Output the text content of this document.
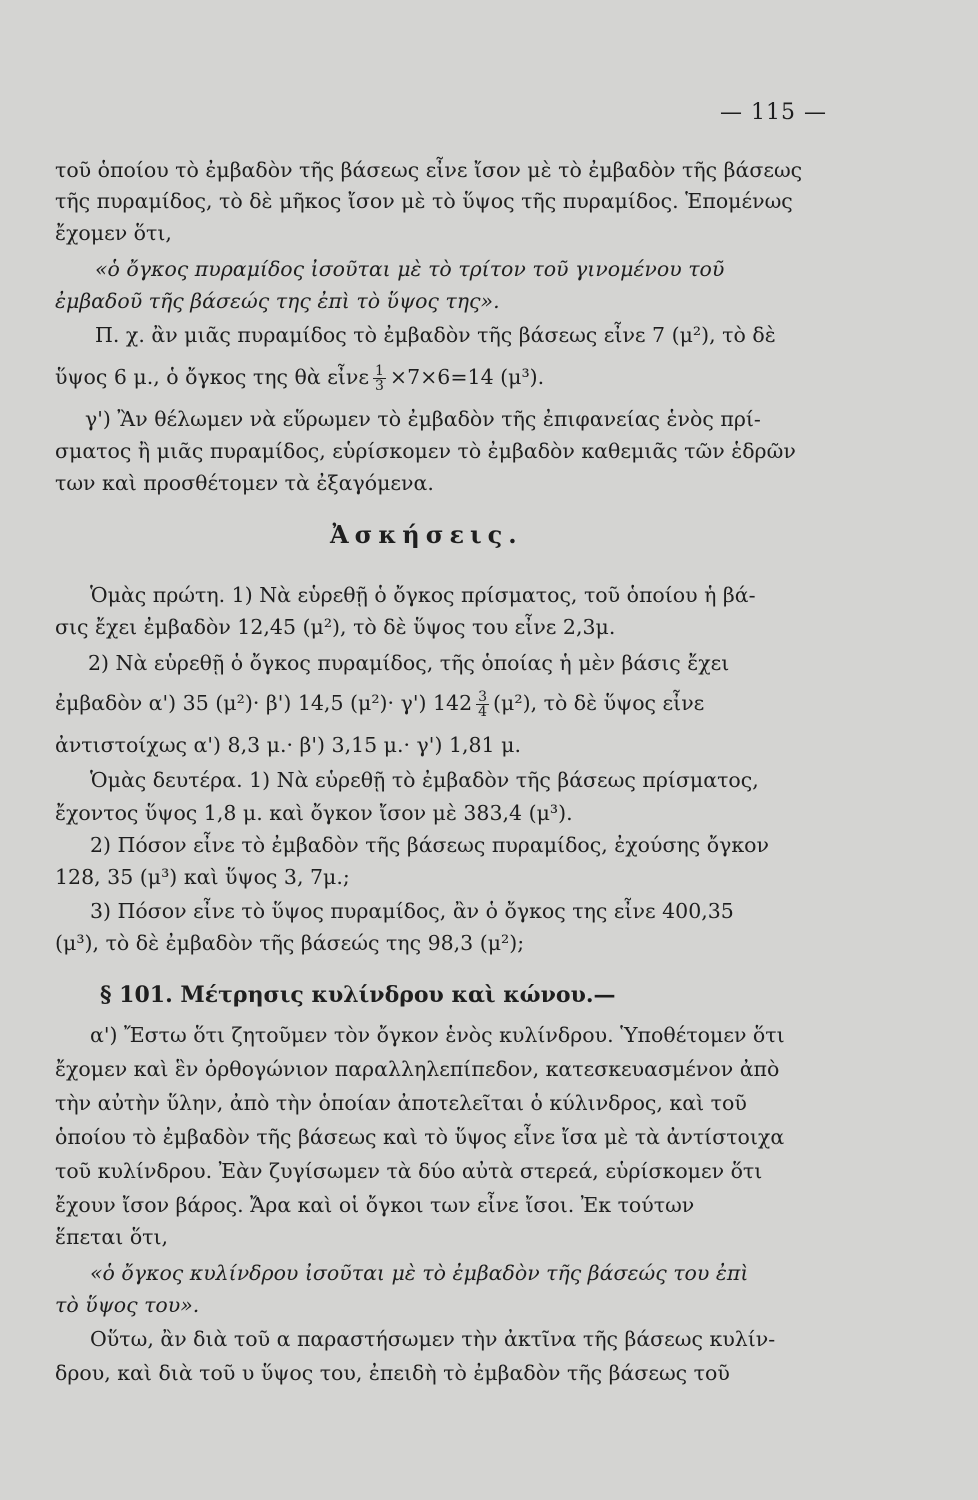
— 115 —
τοῦ ὁποίου τὸ ἐμβαδὸν τῆς βάσεως εἶνε ἴσον μὲ τὸ ἐμβαδὸν τῆς βάσεως
τῆς πυραμίδος, τὸ δὲ μῆκος ἴσον μὲ τὸ ὕψος τῆς πυραμίδος. Ἑπομένως
ἔχομεν ὅτι,
«ὁ ὄγκος πυραμίδος ἰσοῦται μὲ τὸ τρίτον τοῦ γινομένου τοῦ
ἐμβαδοῦ τῆς βάσεώς της ἐπὶ τὸ ὕψος της».
Π. χ. ἂν μιᾶς πυραμίδος τὸ ἐμβαδὸν τῆς βάσεως εἶνε 7 (μ²), τὸ δὲ
ὕψος 6 μ., ὁ ὄγκος της θὰ εἶνε $\frac{1}{3} \times 7\times 6=14$ (μ³).
γ') Ἂν θέλωμεν νὰ εὕρωμεν τὸ ἐμβαδὸν τῆς ἐπιφανείας ἑνὸς πρί-
σματος ἢ μιᾶς πυραμίδος, εὑρίσκομεν τὸ ἐμβαδὸν καθεμιᾶς τῶν ἑδρῶν
των καὶ προσθέτομεν τὰ ἐξαγόμενα.
Ἀσκήσεις.
Ὁμὰς πρώτη. 1) Νὰ εὑρεθῇ ὁ ὄγκος πρίσματος, τοῦ ὁποίου ἡ βά-
σις ἔχει ἐμβαδὸν 12,45 (μ²), τὸ δὲ ὕψος του εἶνε 2,3μ.
2) Νὰ εὑρεθῇ ὁ ὄγκος πυραμίδος, τῆς ὁποίας ἡ μὲν βάσις ἔχει
ἐμβαδὸν α') 35 (μ²)· β') 14,5 (μ²)· γ') $142 \frac{3}{4} (\mu^2)$, τὸ δὲ ὕψος εἶνε
ἀντιστοίχως α') 8,3 μ.· β') 3,15 μ.· γ') 1,81 μ.
Ὁμὰς δευτέρα. 1) Νὰ εὑρεθῇ τὸ ἐμβαδὸν τῆς βάσεως πρίσματος,
ἔχοντος ὕψος 1,8 μ. καὶ ὄγκον ἴσον μὲ 383,4 (μ³).
2) Πόσον εἶνε τὸ ἐμβαδὸν τῆς βάσεως πυραμίδος, ἐχούσης ὄγκον
128, 35 (μ³) καὶ ὕψος 3, 7μ.;
3) Πόσον εἶνε τὸ ὕψος πυραμίδος, ἂν ὁ ὄγκος της εἶνε 400,35
(μ³), τὸ δὲ ἐμβαδὸν τῆς βάσεώς της 98,3 (μ²);
§ 101. Μέτρησις κυλίνδρου καὶ κώνου.—
α') Ἔστω ὅτι ζητοῦμεν τὸν ὄγκον ἑνὸς κυλίνδρου. Ὑποθέτομεν ὅτι
ἔχομεν καὶ ἓν ὀρθογώνιον παραλληλεπίπεδον, κατεσκευασμένον ἀπὸ
τὴν αὐτὴν ὕλην, ἀπὸ τὴν ὁποίαν ἀποτελεῖται ὁ κύλινδρος, καὶ τοῦ
ὁποίου τὸ ἐμβαδὸν τῆς βάσεως καὶ τὸ ὕψος εἶνε ἴσα μὲ τὰ ἀντίστοιχα
τοῦ κυλίνδρου. Ἐὰν ζυγίσωμεν τὰ δύο αὐτὰ στερεά, εὑρίσκομεν ὅτι
ἔχουν ἴσον βάρος. Ἄρα καὶ οἱ ὄγκοι των εἶνε ἴσοι. Ἐκ τούτων
ἕπεται ὅτι,
«ὁ ὄγκος κυλίνδρου ἰσοῦται μὲ τὸ ἐμβαδὸν τῆς βάσεώς του ἐπὶ
τὸ ὕψος του».
Οὕτω, ἂν διὰ τοῦ α παραστήσωμεν τὴν ἀκτῖνα τῆς βάσεως κυλίν-
δρου, καὶ διὰ τοῦ υ ὕψος του, ἐπειδὴ τὸ ἐμβαδὸν τῆς βάσεως τοῦ
